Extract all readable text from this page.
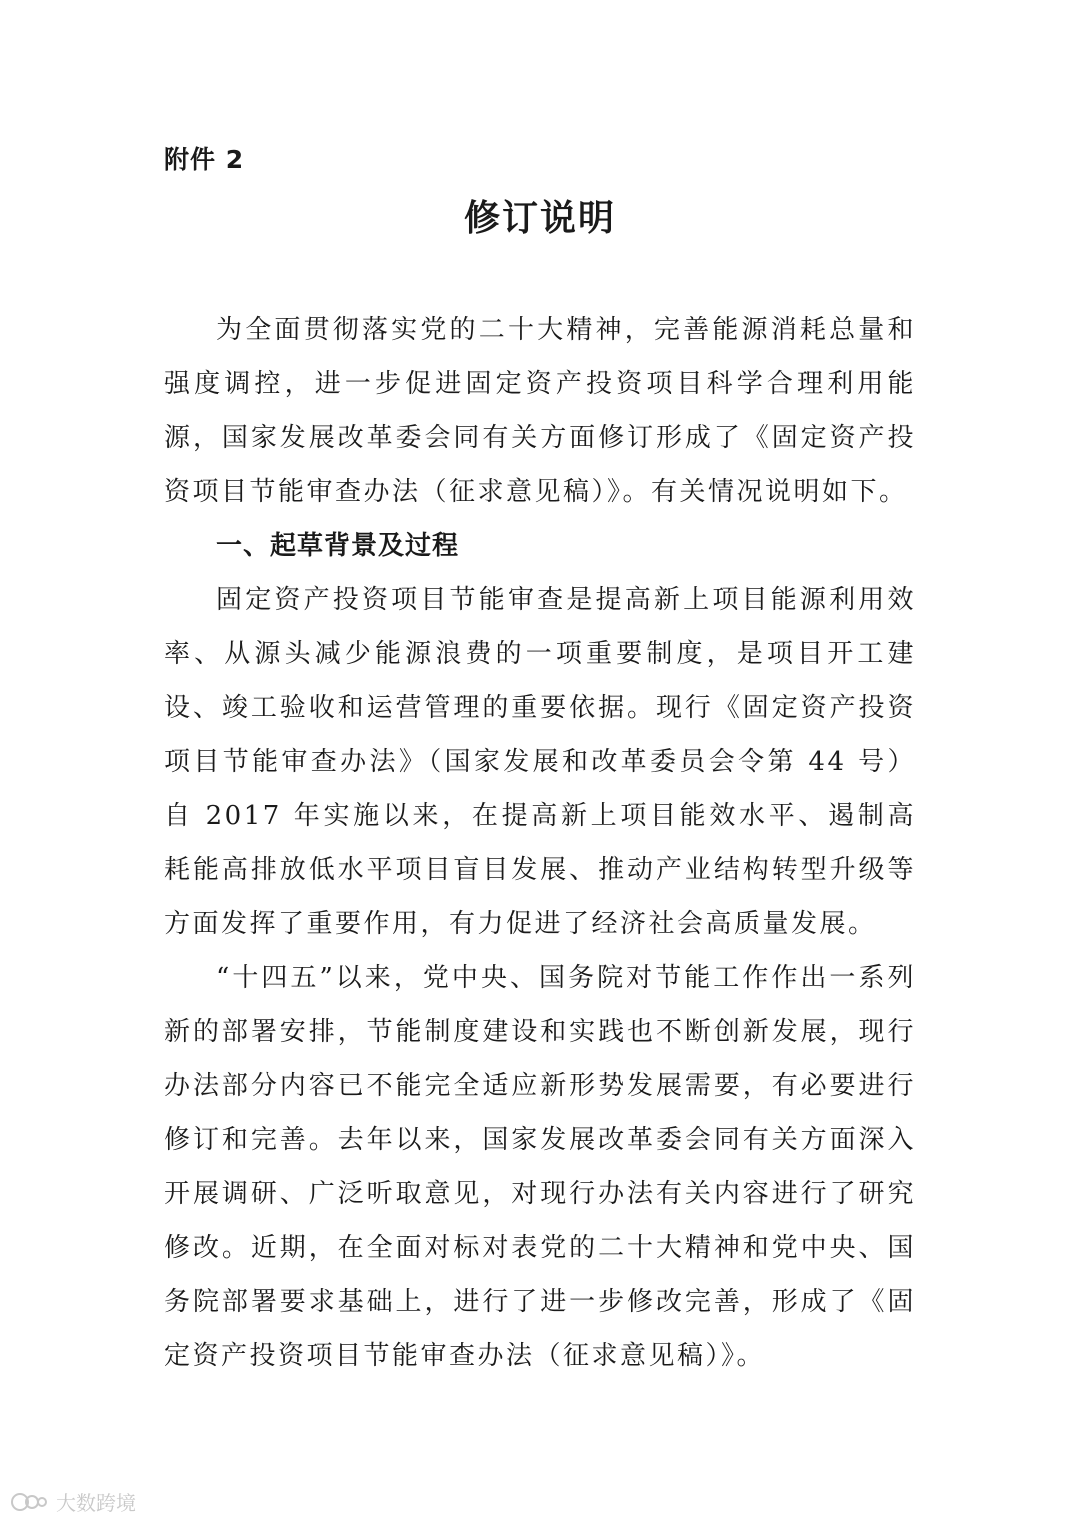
附件 2
修订说明

为全面贯彻落实党的二十大精神，完善能源消耗总量和强度调控，进一步促进固定资产投资项目科学合理利用能源，国家发展改革委会同有关方面修订形成了《固定资产投资项目节能审查办法（征求意见稿）》。有关情况说明如下。

一、起草背景及过程

固定资产投资项目节能审查是提高新上项目能源利用效率、从源头减少能源浪费的一项重要制度，是项目开工建设、竣工验收和运营管理的重要依据。现行《固定资产投资项目节能审查办法》（国家发展和改革委员会令第 44 号）自 2017 年实施以来，在提高新上项目能效水平、遏制高耗能高排放低水平项目盲目发展、推动产业结构转型升级等方面发挥了重要作用，有力促进了经济社会高质量发展。

“十四五”以来，党中央、国务院对节能工作作出一系列新的部署安排，节能制度建设和实践也不断创新发展，现行办法部分内容已不能完全适应新形势发展需要，有必要进行修订和完善。去年以来，国家发展改革委会同有关方面深入开展调研、广泛听取意见，对现行办法有关内容进行了研究修改。近期，在全面对标对表党的二十大精神和党中央、国务院部署要求基础上，进行了进一步修改完善，形成了《固定资产投资项目节能审查办法（征求意见稿）》。

大数跨境
